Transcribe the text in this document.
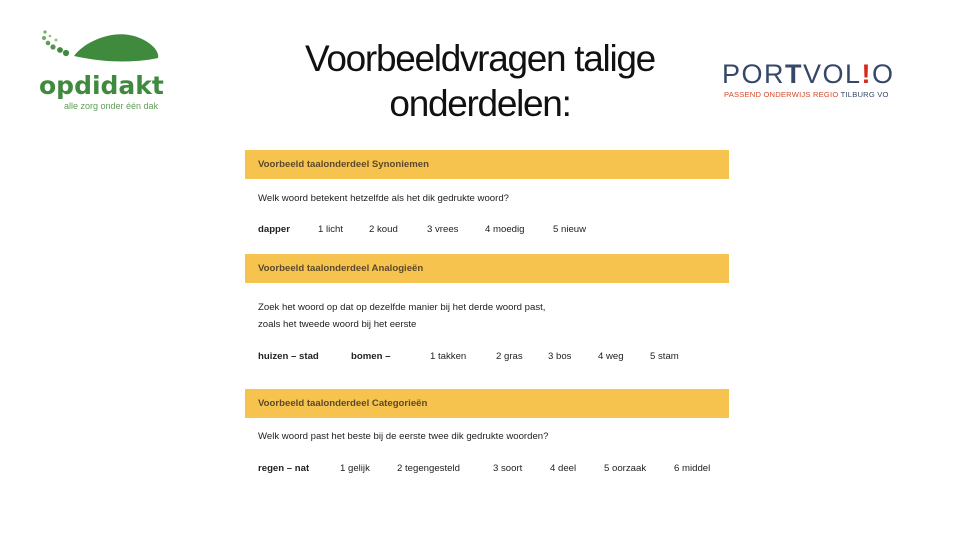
opdidakt
alle zorg onder één dak
Voorbeeldvragen talige
onderdelen:
PORTVOL!O
PASSEND ONDERWIJS REGIO TILBURG VO
Voorbeeld taalonderdeel Synoniemen
Welk woord betekent hetzelfde als het dik gedrukte woord?
dapper	1 licht	2 koud	3 vrees	4 moedig	5 nieuw
Voorbeeld taalonderdeel Analogieën
Zoek het woord op dat op dezelfde manier bij het derde woord past,
zoals het tweede woord bij het eerste
huizen – stad	bomen –	1 takken	2 gras	3 bos	4 weg	5 stam
Voorbeeld taalonderdeel Categorieën
Welk woord past het beste bij de eerste twee dik gedrukte woorden?
regen – nat	1 gelijk	2 tegengesteld	3 soort	4 deel	5 oorzaak	6 middel
